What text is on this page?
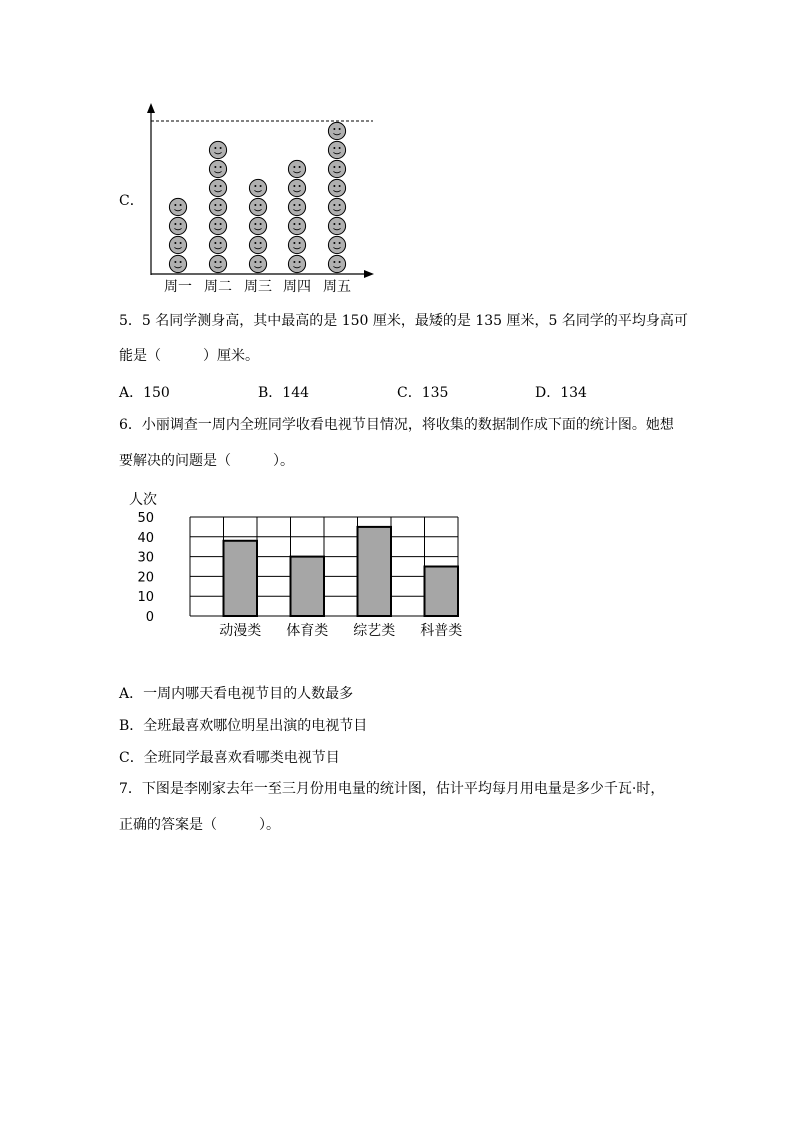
C．
周一 周二 周三 周四 周五
5．5 名同学测身高，其中最高的是 150 厘米，最矮的是 135 厘米，5 名同学的平均身高可
能是（　　　）厘米。
A．150	B．144	C．135	D．134
6．小丽调查一周内全班同学收看电视节目情况，将收集的数据制作成下面的统计图。她想
要解决的问题是（　　　）。
人次
0
10
20
30
40
50
动漫类 体育类 综艺类 科普类
A．一周内哪天看电视节目的人数最多
B．全班最喜欢哪位明星出演的电视节目
C．全班同学最喜欢看哪类电视节目
7．下图是李刚家去年一至三月份用电量的统计图，估计平均每月用电量是多少千瓦·时，
正确的答案是（　　　）。
